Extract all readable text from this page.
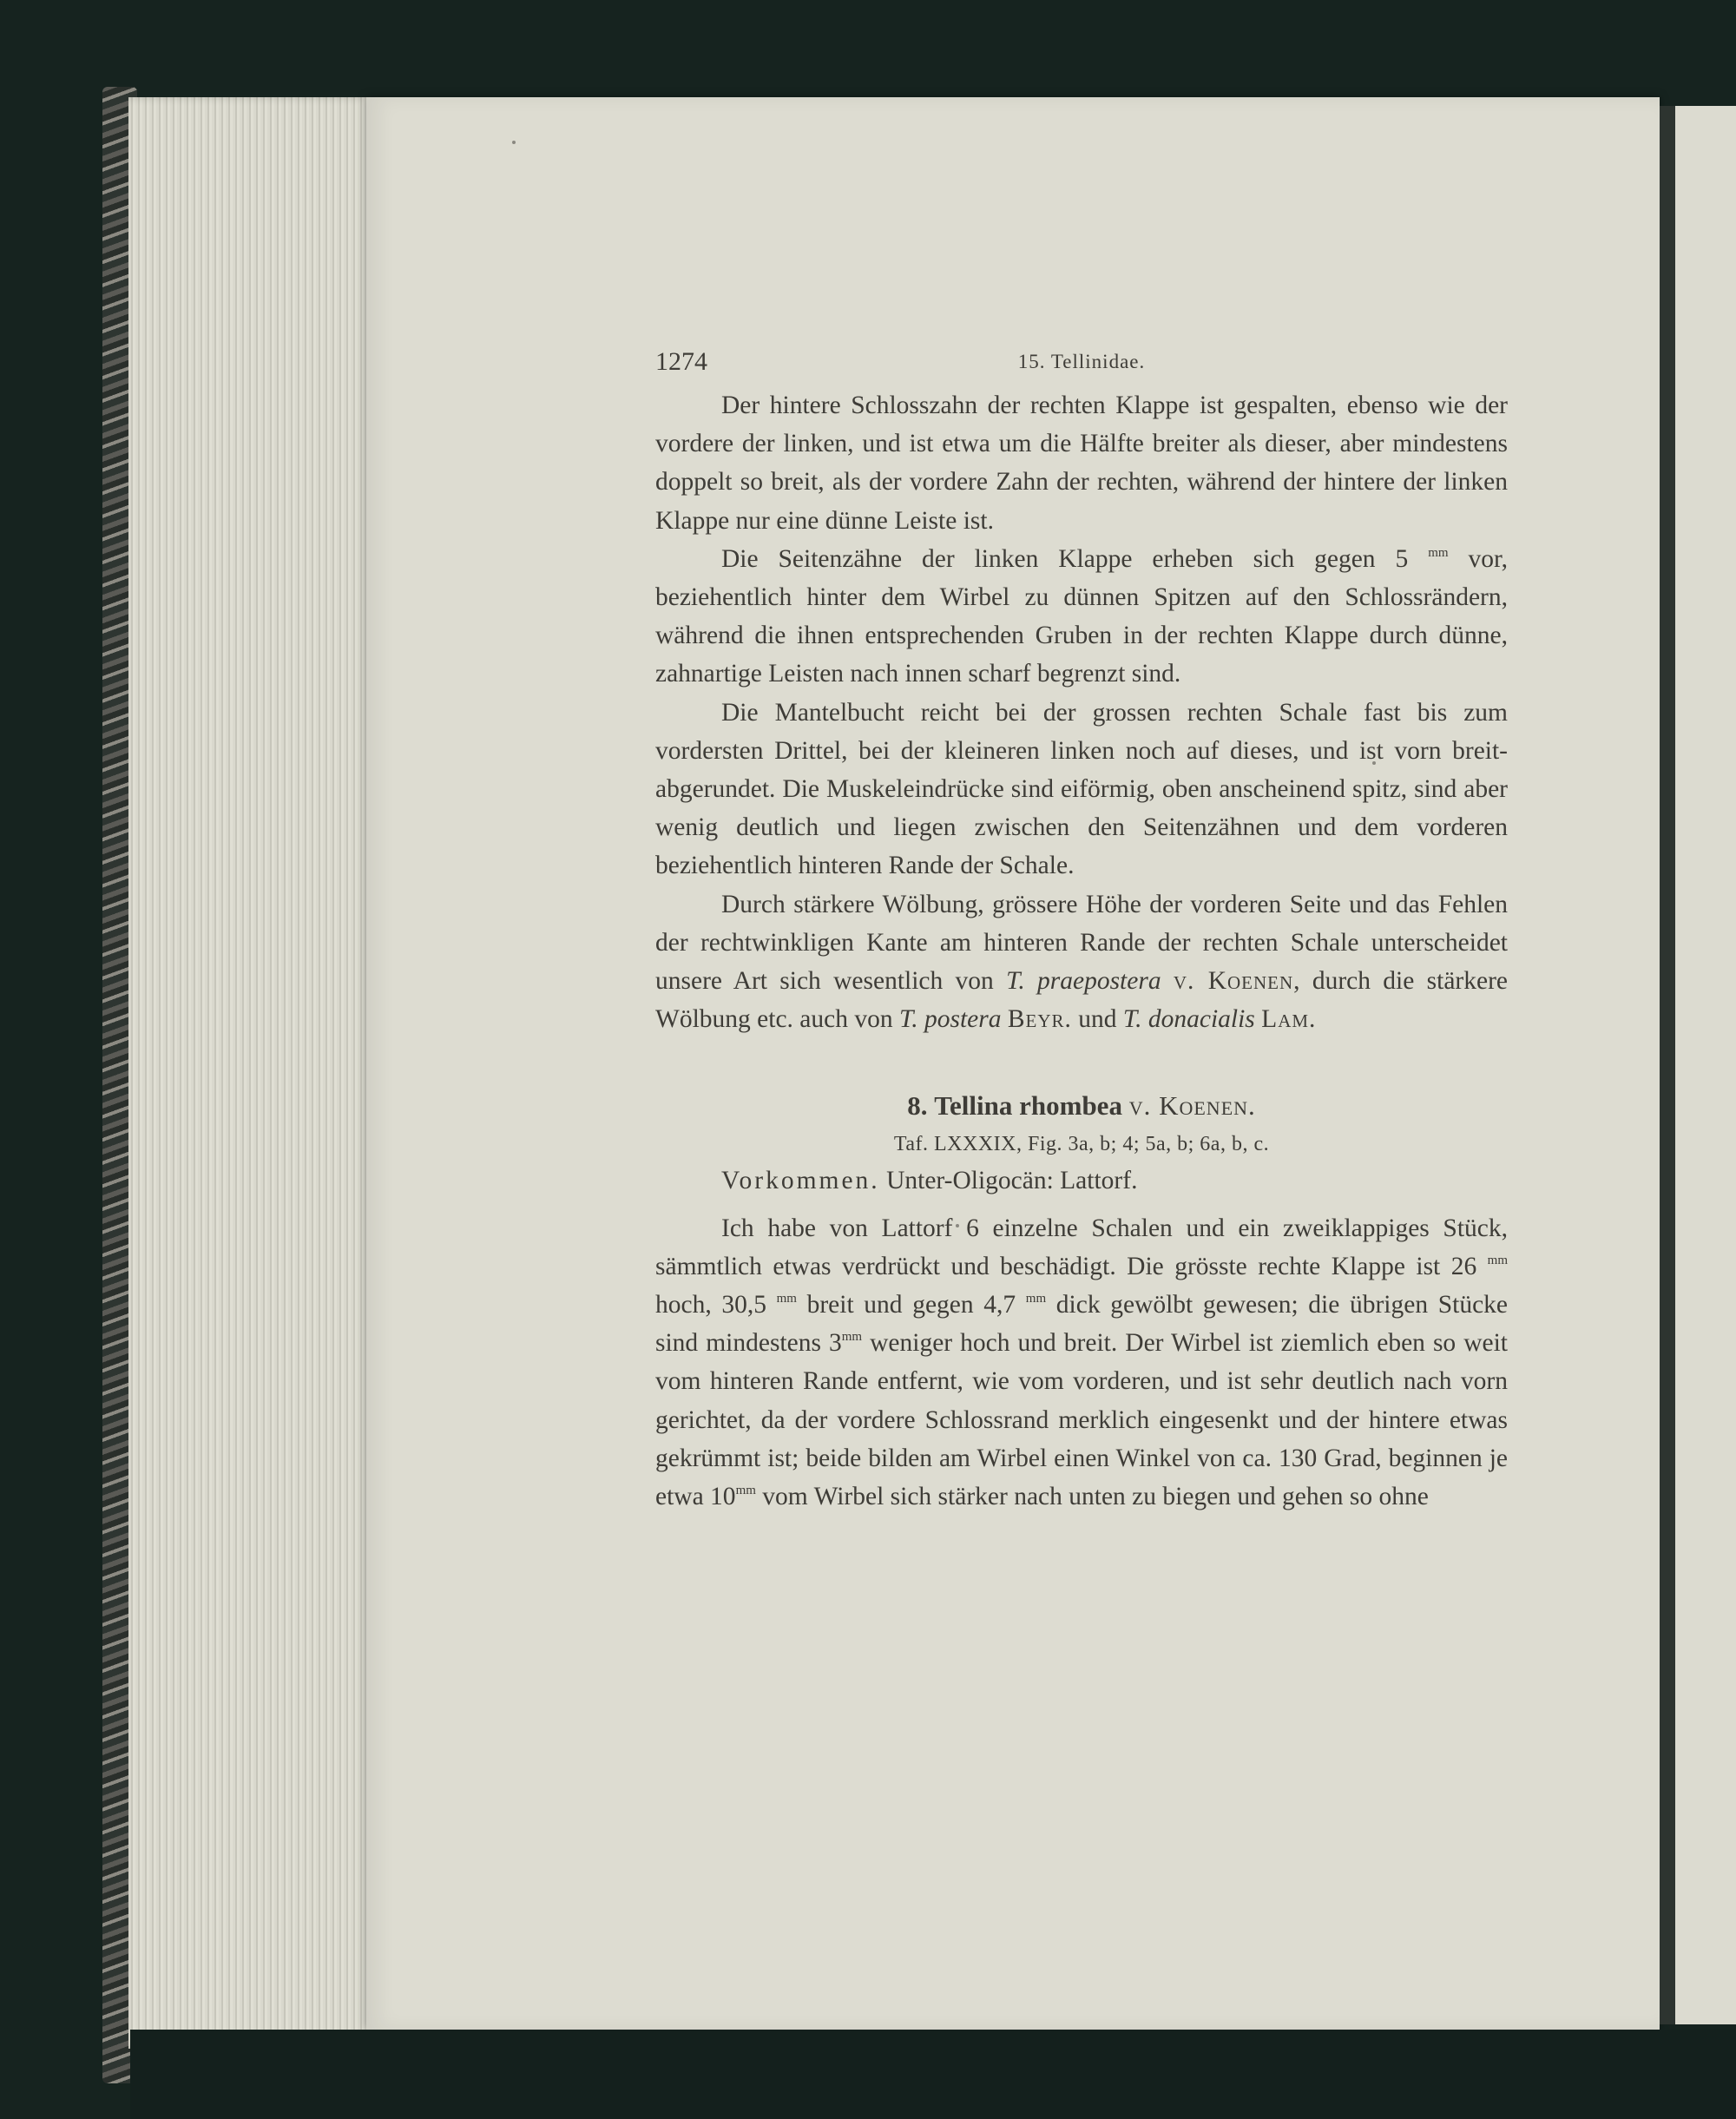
1274	15. Tellinidae.

Der hintere Schlosszahn der rechten Klappe ist gespalten, ebenso wie der vordere der linken, und ist etwa um die Hälfte breiter als dieser, aber mindestens doppelt so breit, als der vordere Zahn der rechten, während der hintere der linken Klappe nur eine dünne Leiste ist.

Die Seitenzähne der linken Klappe erheben sich gegen 5 $^{mm}$ vor, beziehentlich hinter dem Wirbel zu dünnen Spitzen auf den Schlossrändern, während die ihnen entsprechenden Gruben in der rechten Klappe durch dünne, zahnartige Leisten nach innen scharf begrenzt sind.

Die Mantelbucht reicht bei der grossen rechten Schale fast bis zum vordersten Drittel, bei der kleineren linken noch auf dieses, und ist vorn breit-abgerundet. Die Muskeleindrücke sind eiförmig, oben anscheinend spitz, sind aber wenig deutlich und liegen zwischen den Seitenzähnen und dem vorderen beziehentlich hinteren Rande der Schale.

Durch stärkere Wölbung, grössere Höhe der vorderen Seite und das Fehlen der rechtwinkligen Kante am hinteren Rande der rechten Schale unterscheidet unsere Art sich wesentlich von T. praepostera v. Koenen, durch die stärkere Wölbung etc. auch von T. postera Beyr. und T. donacialis Lam.

8. Tellina rhombea v. Koenen.
Taf. LXXXIX, Fig. 3a, b; 4; 5a, b; 6a, b, c.

Vorkommen. Unter-Oligocän: Lattorf.

Ich habe von Lattorf 6 einzelne Schalen und ein zweiklappiges Stück, sämmtlich etwas verdrückt und beschädigt. Die grösste rechte Klappe ist 26 $^{mm}$ hoch, 30,5 $^{mm}$ breit und gegen 4,7 $^{mm}$ dick gewölbt gewesen; die übrigen Stücke sind mindestens $3^{mm}$ weniger hoch und breit. Der Wirbel ist ziemlich eben so weit vom hinteren Rande entfernt, wie vom vorderen, und ist sehr deutlich nach vorn gerichtet, da der vordere Schlossrand merklich eingesenkt und der hintere etwas gekrümmt ist; beide bilden am Wirbel einen Winkel von ca. 130 Grad, beginnen je etwa $10^{mm}$ vom Wirbel sich stärker nach unten zu biegen und gehen so ohne
